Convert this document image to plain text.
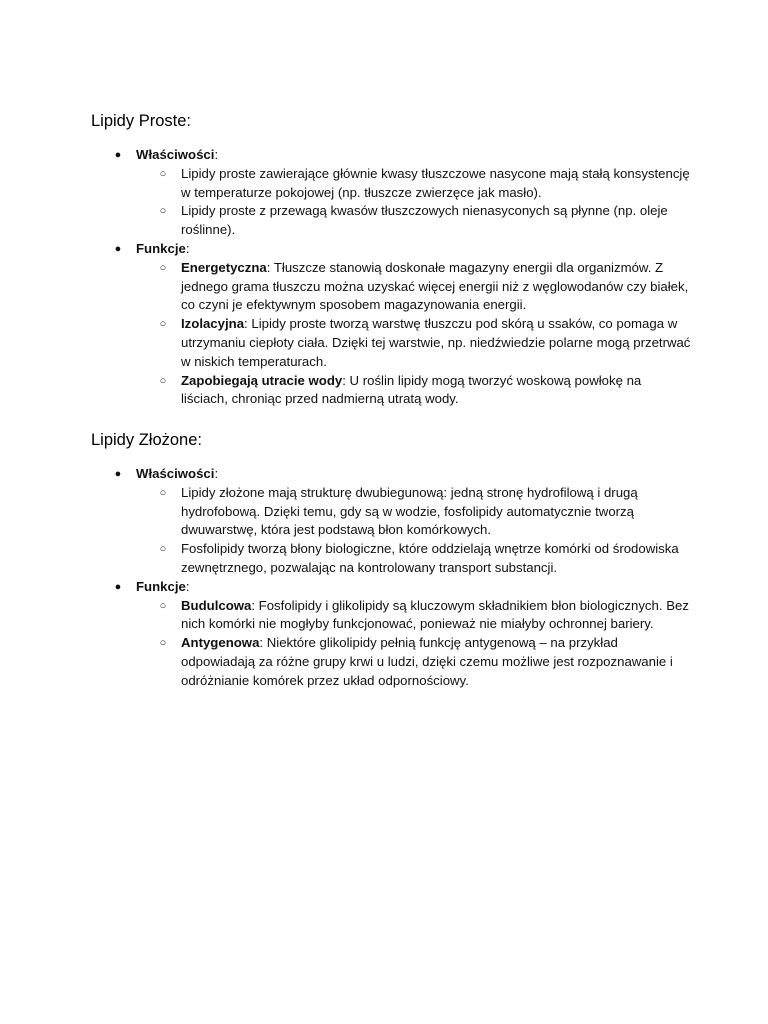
Lipidy Proste:
● Właściwości:
○ Lipidy proste zawierające głównie kwasy tłuszczowe nasycone mają stałą konsystencję w temperaturze pokojowej (np. tłuszcze zwierzęce jak masło).
○ Lipidy proste z przewagą kwasów tłuszczowych nienasyconych są płynne (np. oleje roślinne).
● Funkcje:
○ Energetyczna: Tłuszcze stanowią doskonałe magazyny energii dla organizmów. Z jednego grama tłuszczu można uzyskać więcej energii niż z węglowodanów czy białek, co czyni je efektywnym sposobem magazynowania energii.
○ Izolacyjna: Lipidy proste tworzą warstwę tłuszczu pod skórą u ssaków, co pomaga w utrzymaniu ciepłoty ciała. Dzięki tej warstwie, np. niedźwiedzie polarne mogą przetrwać w niskich temperaturach.
○ Zapobiegają utracie wody: U roślin lipidy mogą tworzyć woskową powłokę na liściach, chroniąc przed nadmierną utratą wody.
Lipidy Złożone:
● Właściwości:
○ Lipidy złożone mają strukturę dwubiegunową: jedną stronę hydrofilową i drugą hydrofobową. Dzięki temu, gdy są w wodzie, fosfolipidy automatycznie tworzą dwuwarstwę, która jest podstawą błon komórkowych.
○ Fosfolipidy tworzą błony biologiczne, które oddzielają wnętrze komórki od środowiska zewnętrznego, pozwalając na kontrolowany transport substancji.
● Funkcje:
○ Budulcowa: Fosfolipidy i glikolipidy są kluczowym składnikiem błon biologicznych. Bez nich komórki nie mogłyby funkcjonować, ponieważ nie miałyby ochronnej bariery.
○ Antygenowa: Niektóre glikolipidy pełnią funkcję antygenową – na przykład odpowiadają za różne grupy krwi u ludzi, dzięki czemu możliwe jest rozpoznawanie i odróżnianie komórek przez układ odpornościowy.
